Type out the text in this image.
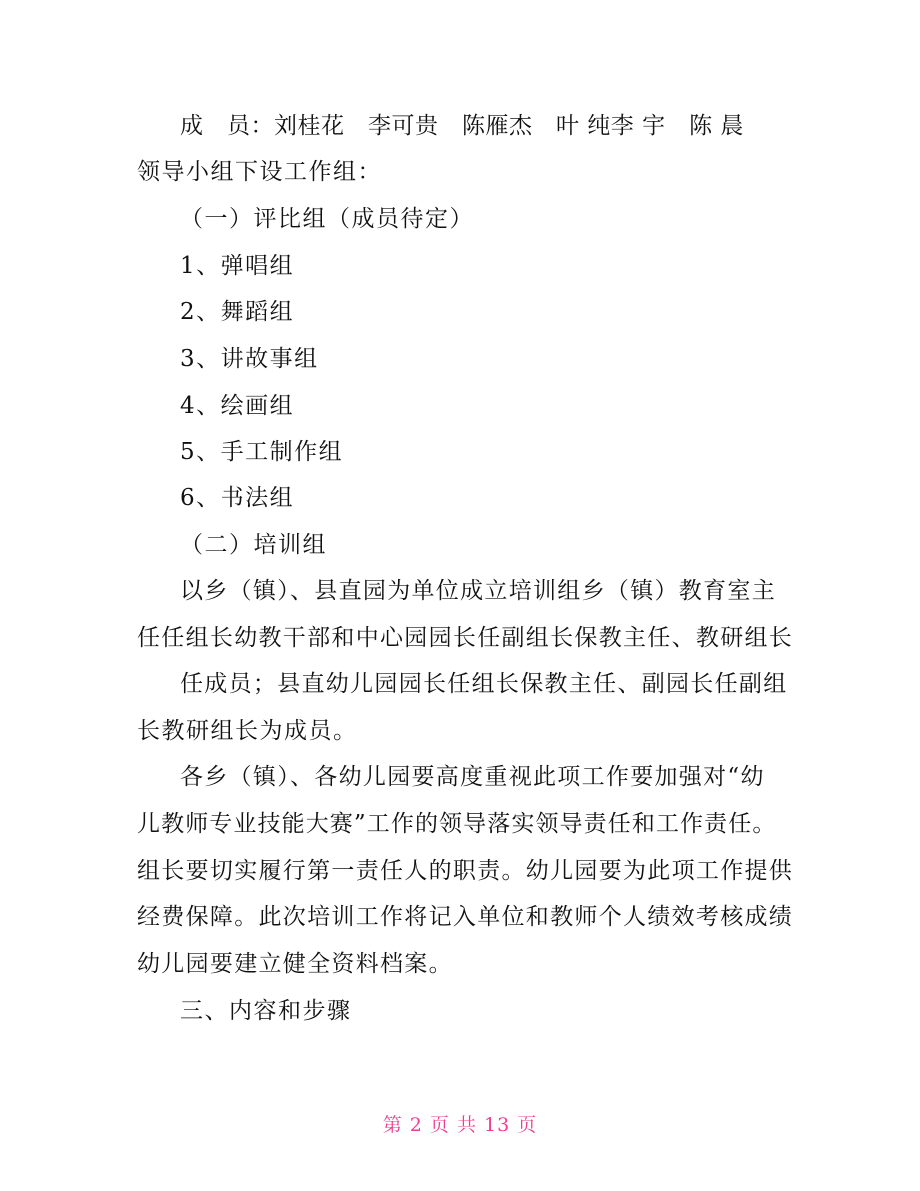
成　员：刘桂花　李可贵　陈雁杰　叶 纯李 宇　陈 晨
领导小组下设工作组：
（一）评比组（成员待定）
1、弹唱组
2、舞蹈组
3、讲故事组
4、绘画组
5、手工制作组
6、书法组
（二）培训组
以乡（镇）、县直园为单位成立培训组乡（镇）教育室主
任任组长幼教干部和中心园园长任副组长保教主任、教研组长
任成员；县直幼儿园园长任组长保教主任、副园长任副组
长教研组长为成员。
各乡（镇）、各幼儿园要高度重视此项工作要加强对“幼
儿教师专业技能大赛”工作的领导落实领导责任和工作责任。
组长要切实履行第一责任人的职责。幼儿园要为此项工作提供
经费保障。此次培训工作将记入单位和教师个人绩效考核成绩
幼儿园要建立健全资料档案。
三、内容和步骤
第 2 页 共 13 页
